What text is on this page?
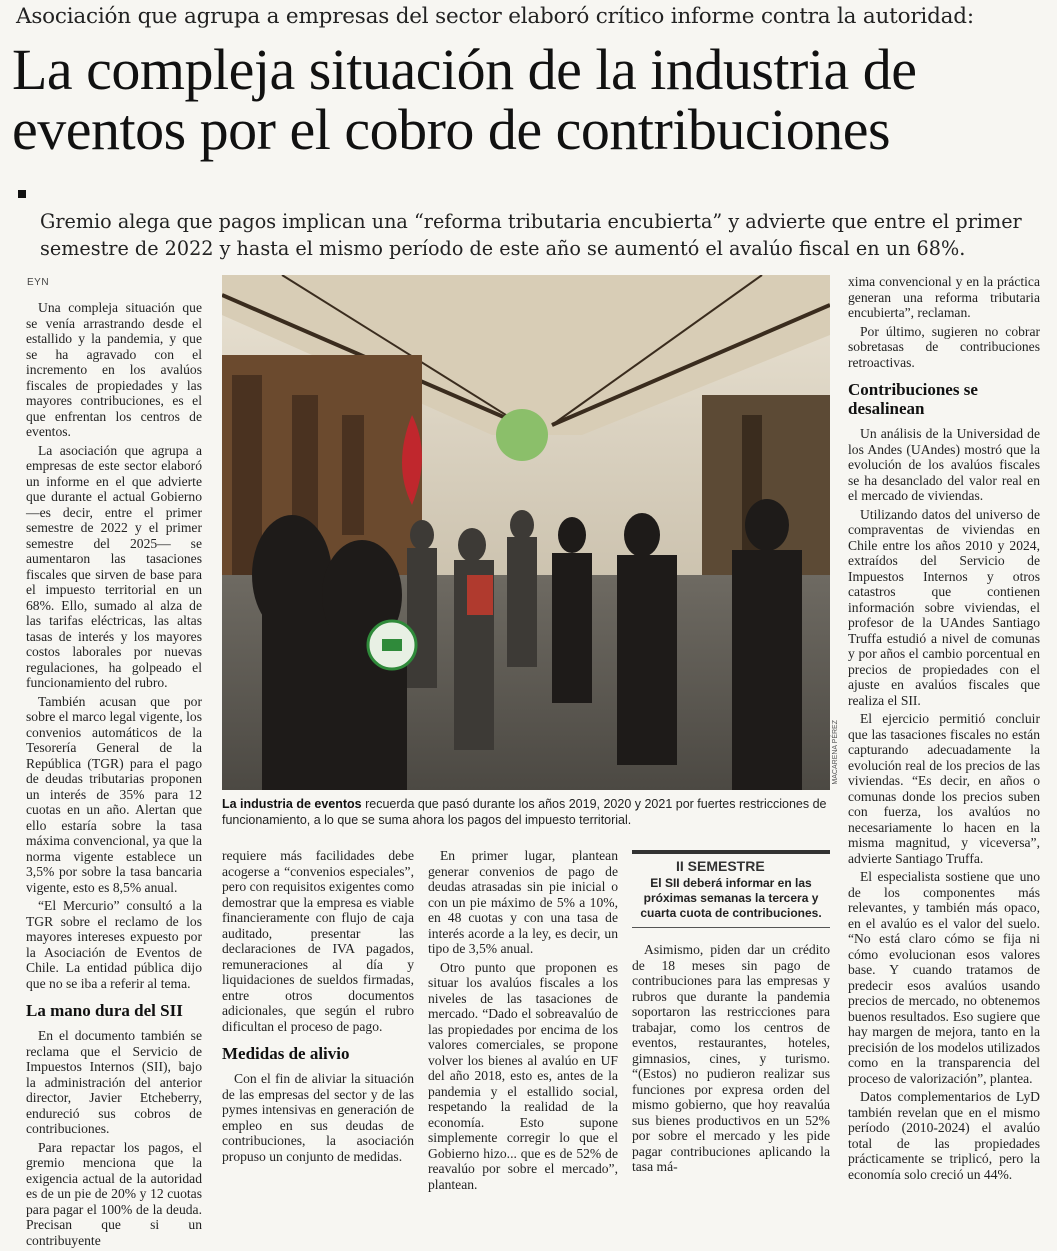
Asociación que agrupa a empresas del sector elaboró crítico informe contra la autoridad:
La compleja situación de la industria de eventos por el cobro de contribuciones
Gremio alega que pagos implican una “reforma tributaria encubierta” y advierte que entre el primer semestre de 2022 y hasta el mismo período de este año se aumentó el avalúo fiscal en un 68%.
EYN

Una compleja situación que se venía arrastrando desde el estallido y la pandemia, y que se ha agravado con el incremento en los avalúos fiscales de propiedades y las mayores contribuciones, es el que enfrentan los centros de eventos.

La asociación que agrupa a empresas de este sector elaboró un informe en el que advierte que durante el actual Gobierno —es decir, entre el primer semestre de 2022 y el primer semestre del 2025— se aumentaron las tasaciones fiscales que sirven de base para el impuesto territorial en un 68%. Ello, sumado al alza de las tarifas eléctricas, las altas tasas de interés y los mayores costos laborales por nuevas regulaciones, ha golpeado el funcionamiento del rubro.

También acusan que por sobre el marco legal vigente, los convenios automáticos de la Tesorería General de la República (TGR) para el pago de deudas tributarias proponen un interés de 35% para 12 cuotas en un año. Alertan que ello estaría sobre la tasa máxima convencional, ya que la norma vigente establece un 3,5% por sobre la tasa bancaria vigente, esto es 8,5% anual.

“El Mercurio” consultó a la TGR sobre el reclamo de los mayores intereses expuesto por la Asociación de Eventos de Chile. La entidad pública dijo que no se iba a referir al tema.

La mano dura del SII

En el documento también se reclama que el Servicio de Impuestos Internos (SII), bajo la administración del anterior director, Javier Etcheberry, endureció sus cobros de contribuciones.

Para repactar los pagos, el gremio menciona que la exigencia actual de la autoridad es de un pie de 20% y 12 cuotas para pagar el 100% de la deuda. Precisan que si un contribuyente

MACARENA PÉREZ
La industria de eventos recuerda que pasó durante los años 2019, 2020 y 2021 por fuertes restricciones de funcionamiento, a lo que se suma ahora los pagos del impuesto territorial.

requiere más facilidades debe acogerse a “convenios especiales”, pero con requisitos exigentes como demostrar que la empresa es viable financieramente con flujo de caja auditado, presentar las declaraciones de IVA pagados, remuneraciones al día y liquidaciones de sueldos firmadas, entre otros documentos adicionales, que según el rubro dificultan el proceso de pago.

Medidas de alivio

Con el fin de aliviar la situación de las empresas del sector y de las pymes intensivas en generación de empleo en sus deudas de contribuciones, la asociación propuso un conjunto de medidas.

En primer lugar, plantean generar convenios de pago de deudas atrasadas sin pie inicial o con un pie máximo de 5% a 10%, en 48 cuotas y con una tasa de interés acorde a la ley, es decir, un tipo de 3,5% anual.

Otro punto que proponen es situar los avalúos fiscales a los niveles de las tasaciones de mercado. “Dado el sobreavalúo de las propiedades por encima de los valores comerciales, se propone volver los bienes al avalúo en UF del año 2018, esto es, antes de la pandemia y el estallido social, respetando la realidad de la economía. Esto supone simplemente corregir lo que el Gobierno hizo... que es de 52% de reavalúo por sobre el mercado”, plantean.

II SEMESTRE
El SII deberá informar en las próximas semanas la tercera y cuarta cuota de contribuciones.

Asimismo, piden dar un crédito de 18 meses sin pago de contribuciones para las empresas y rubros que durante la pandemia soportaron las restricciones para trabajar, como los centros de eventos, restaurantes, hoteles, gimnasios, cines, y turismo. “(Estos) no pudieron realizar sus funciones por expresa orden del mismo gobierno, que hoy reavalúa sus bienes productivos en un 52% por sobre el mercado y les pide pagar contribuciones aplicando la tasa má-

xima convencional y en la práctica generan una reforma tributaria encubierta”, reclaman.

Por último, sugieren no cobrar sobretasas de contribuciones retroactivas.

Contribuciones se desalinean

Un análisis de la Universidad de los Andes (UAndes) mostró que la evolución de los avalúos fiscales se ha desanclado del valor real en el mercado de viviendas.

Utilizando datos del universo de compraventas de viviendas en Chile entre los años 2010 y 2024, extraídos del Servicio de Impuestos Internos y otros catastros que contienen información sobre viviendas, el profesor de la UAndes Santiago Truffa estudió a nivel de comunas y por años el cambio porcentual en precios de propiedades con el ajuste en avalúos fiscales que realiza el SII.

El ejercicio permitió concluir que las tasaciones fiscales no están capturando adecuadamente la evolución real de los precios de las viviendas. “Es decir, en años o comunas donde los precios suben con fuerza, los avalúos no necesariamente lo hacen en la misma magnitud, y viceversa”, advierte Santiago Truffa.

El especialista sostiene que uno de los componentes más relevantes, y también más opaco, en el avalúo es el valor del suelo. “No está claro cómo se fija ni cómo evolucionan esos valores base. Y cuando tratamos de predecir esos avalúos usando precios de mercado, no obtenemos buenos resultados. Eso sugiere que hay margen de mejora, tanto en la precisión de los modelos utilizados como en la transparencia del proceso de valorización”, plantea.

Datos complementarios de LyD también revelan que en el mismo período (2010-2024) el avalúo total de las propiedades prácticamente se triplicó, pero la economía solo creció un 44%.
